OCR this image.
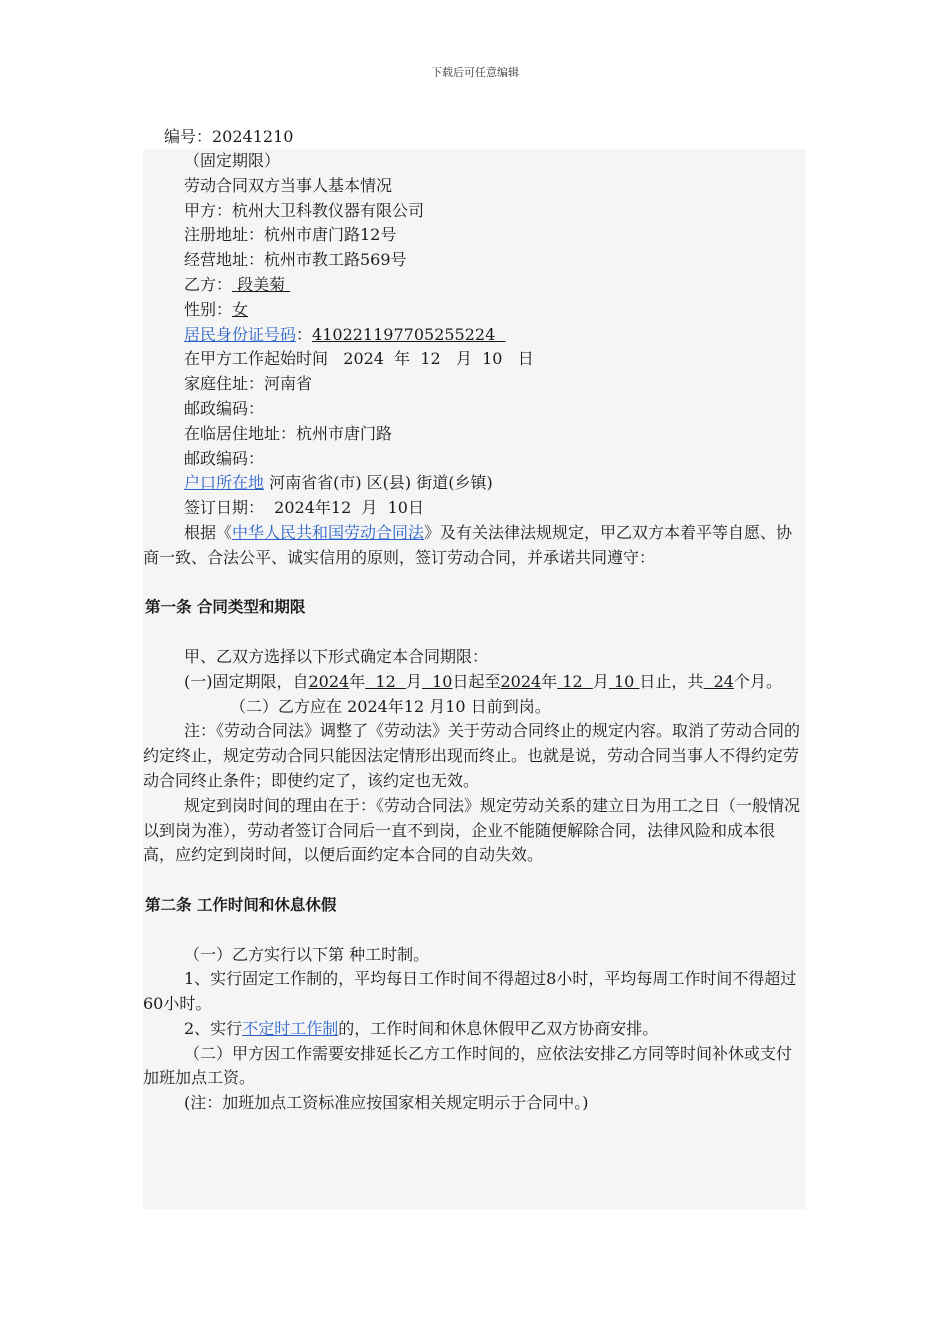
下载后可任意编辑
编号：20241210
（固定期限）
劳动合同双方当事人基本情况
甲方：杭州大卫科教仪器有限公司
注册地址：杭州市唐门路12号
经营地址：杭州市教工路569号
乙方： 段美菊
性别：女
居民身份证号码：410221197705255224
在甲方工作起始时间   2024  年  12   月  10   日
家庭住址：河南省
邮政编码：
在临居住地址：杭州市唐门路
邮政编码：
户口所在地 河南省省(市) 区(县) 街道(乡镇)
签订日期：  2024年12  月  10日

根据《中华人民共和国劳动合同法》及有关法律法规规定，甲乙双方本着平等自愿、协商一致、合法公平、诚实信用的原则，签订劳动合同，并承诺共同遵守：

第一条 合同类型和期限

甲、乙双方选择以下形式确定本合同期限：

(一)固定期限，自2024年  12  月  10日起至2024年 12  月 10 日止，共  24个月。

（二）乙方应在 2024年12 月10 日前到岗。

注：《劳动合同法》调整了《劳动法》关于劳动合同终止的规定内容。取消了劳动合同的约定终止，规定劳动合同只能因法定情形出现而终止。也就是说，劳动合同当事人不得约定劳动合同终止条件；即使约定了，该约定也无效。

规定到岗时间的理由在于：《劳动合同法》规定劳动关系的建立日为用工之日（一般情况以到岗为准），劳动者签订合同后一直不到岗，企业不能随便解除合同，法律风险和成本很高，应约定到岗时间，以便后面约定本合同的自动失效。

第二条 工作时间和休息休假

（一）乙方实行以下第 种工时制。

1、实行固定工作制的，平均每日工作时间不得超过8小时，平均每周工作时间不得超过60小时。

2、实行不定时工作制的，工作时间和休息休假甲乙双方协商安排。

（二）甲方因工作需要安排延长乙方工作时间的，应依法安排乙方同等时间补休或支付加班加点工资。

(注：加班加点工资标准应按国家相关规定明示于合同中。)
